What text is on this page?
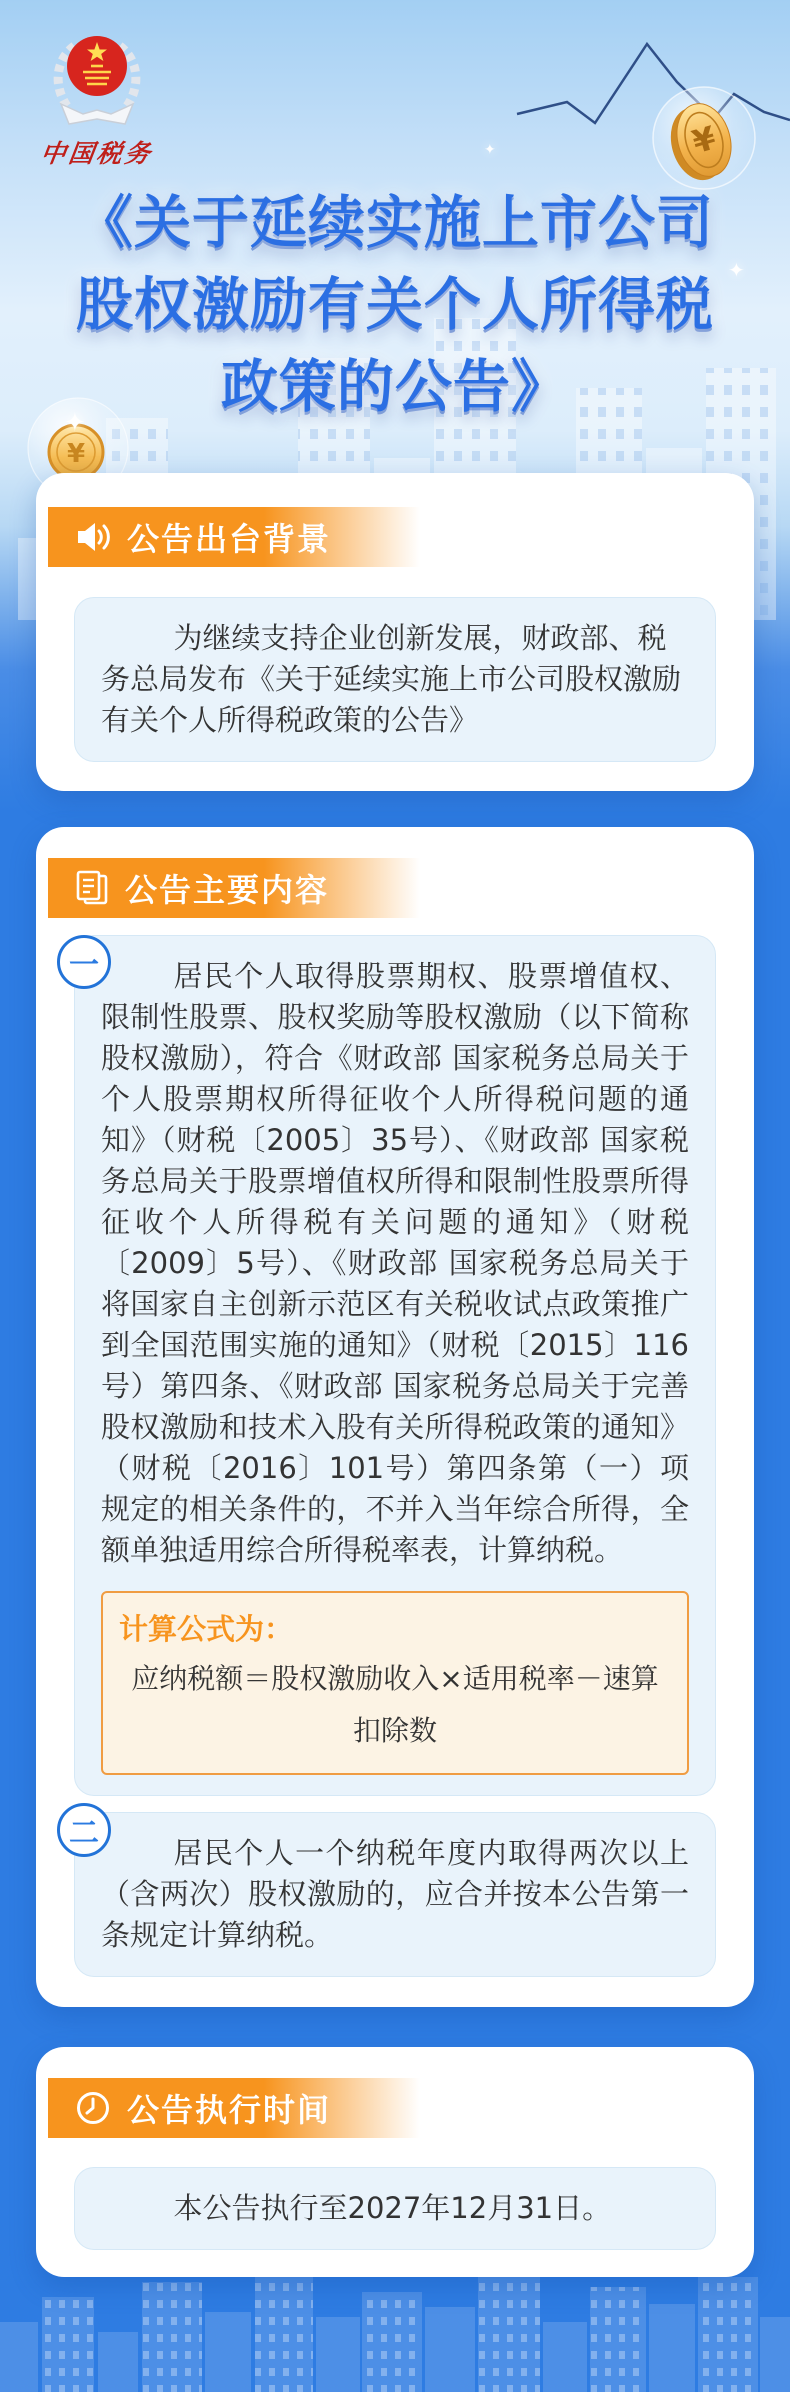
中国税务	¥
《关于延续实施上市公司
股权激励有关个人所得税
政策的公告》
✦
✦
✦
¥
公告出台背景
为继续支持企业创新发展，财政部、税务总局发布《关于延续实施上市公司股权激励有关个人所得税政策的公告》
公告主要内容
一	居民个人取得股票期权、股票增值权、限制性股票、股权奖励等股权激励（以下简称股权激励），符合《财政部 国家税务总局关于个人股票期权所得征收个人所得税问题的通知》（财税〔2005〕35号）、《财政部 国家税务总局关于股票增值权所得和限制性股票所得征收个人所得税有关问题的通知》（财税〔2009〕5号）、《财政部 国家税务总局关于将国家自主创新示范区有关税收试点政策推广到全国范围实施的通知》（财税〔2015〕116号）第四条、《财政部 国家税务总局关于完善股权激励和技术入股有关所得税政策的通知》（财税〔2016〕101号）第四条第（一）项规定的相关条件的，不并入当年综合所得，全额单独适用综合所得税率表，计算纳税。
计算公式为：
应纳税额＝股权激励收入×适用税率－速算扣除数
二
居民个人一个纳税年度内取得两次以上（含两次）股权激励的，应合并按本公告第一条规定计算纳税。
公告执行时间
本公告执行至2027年12月31日。
